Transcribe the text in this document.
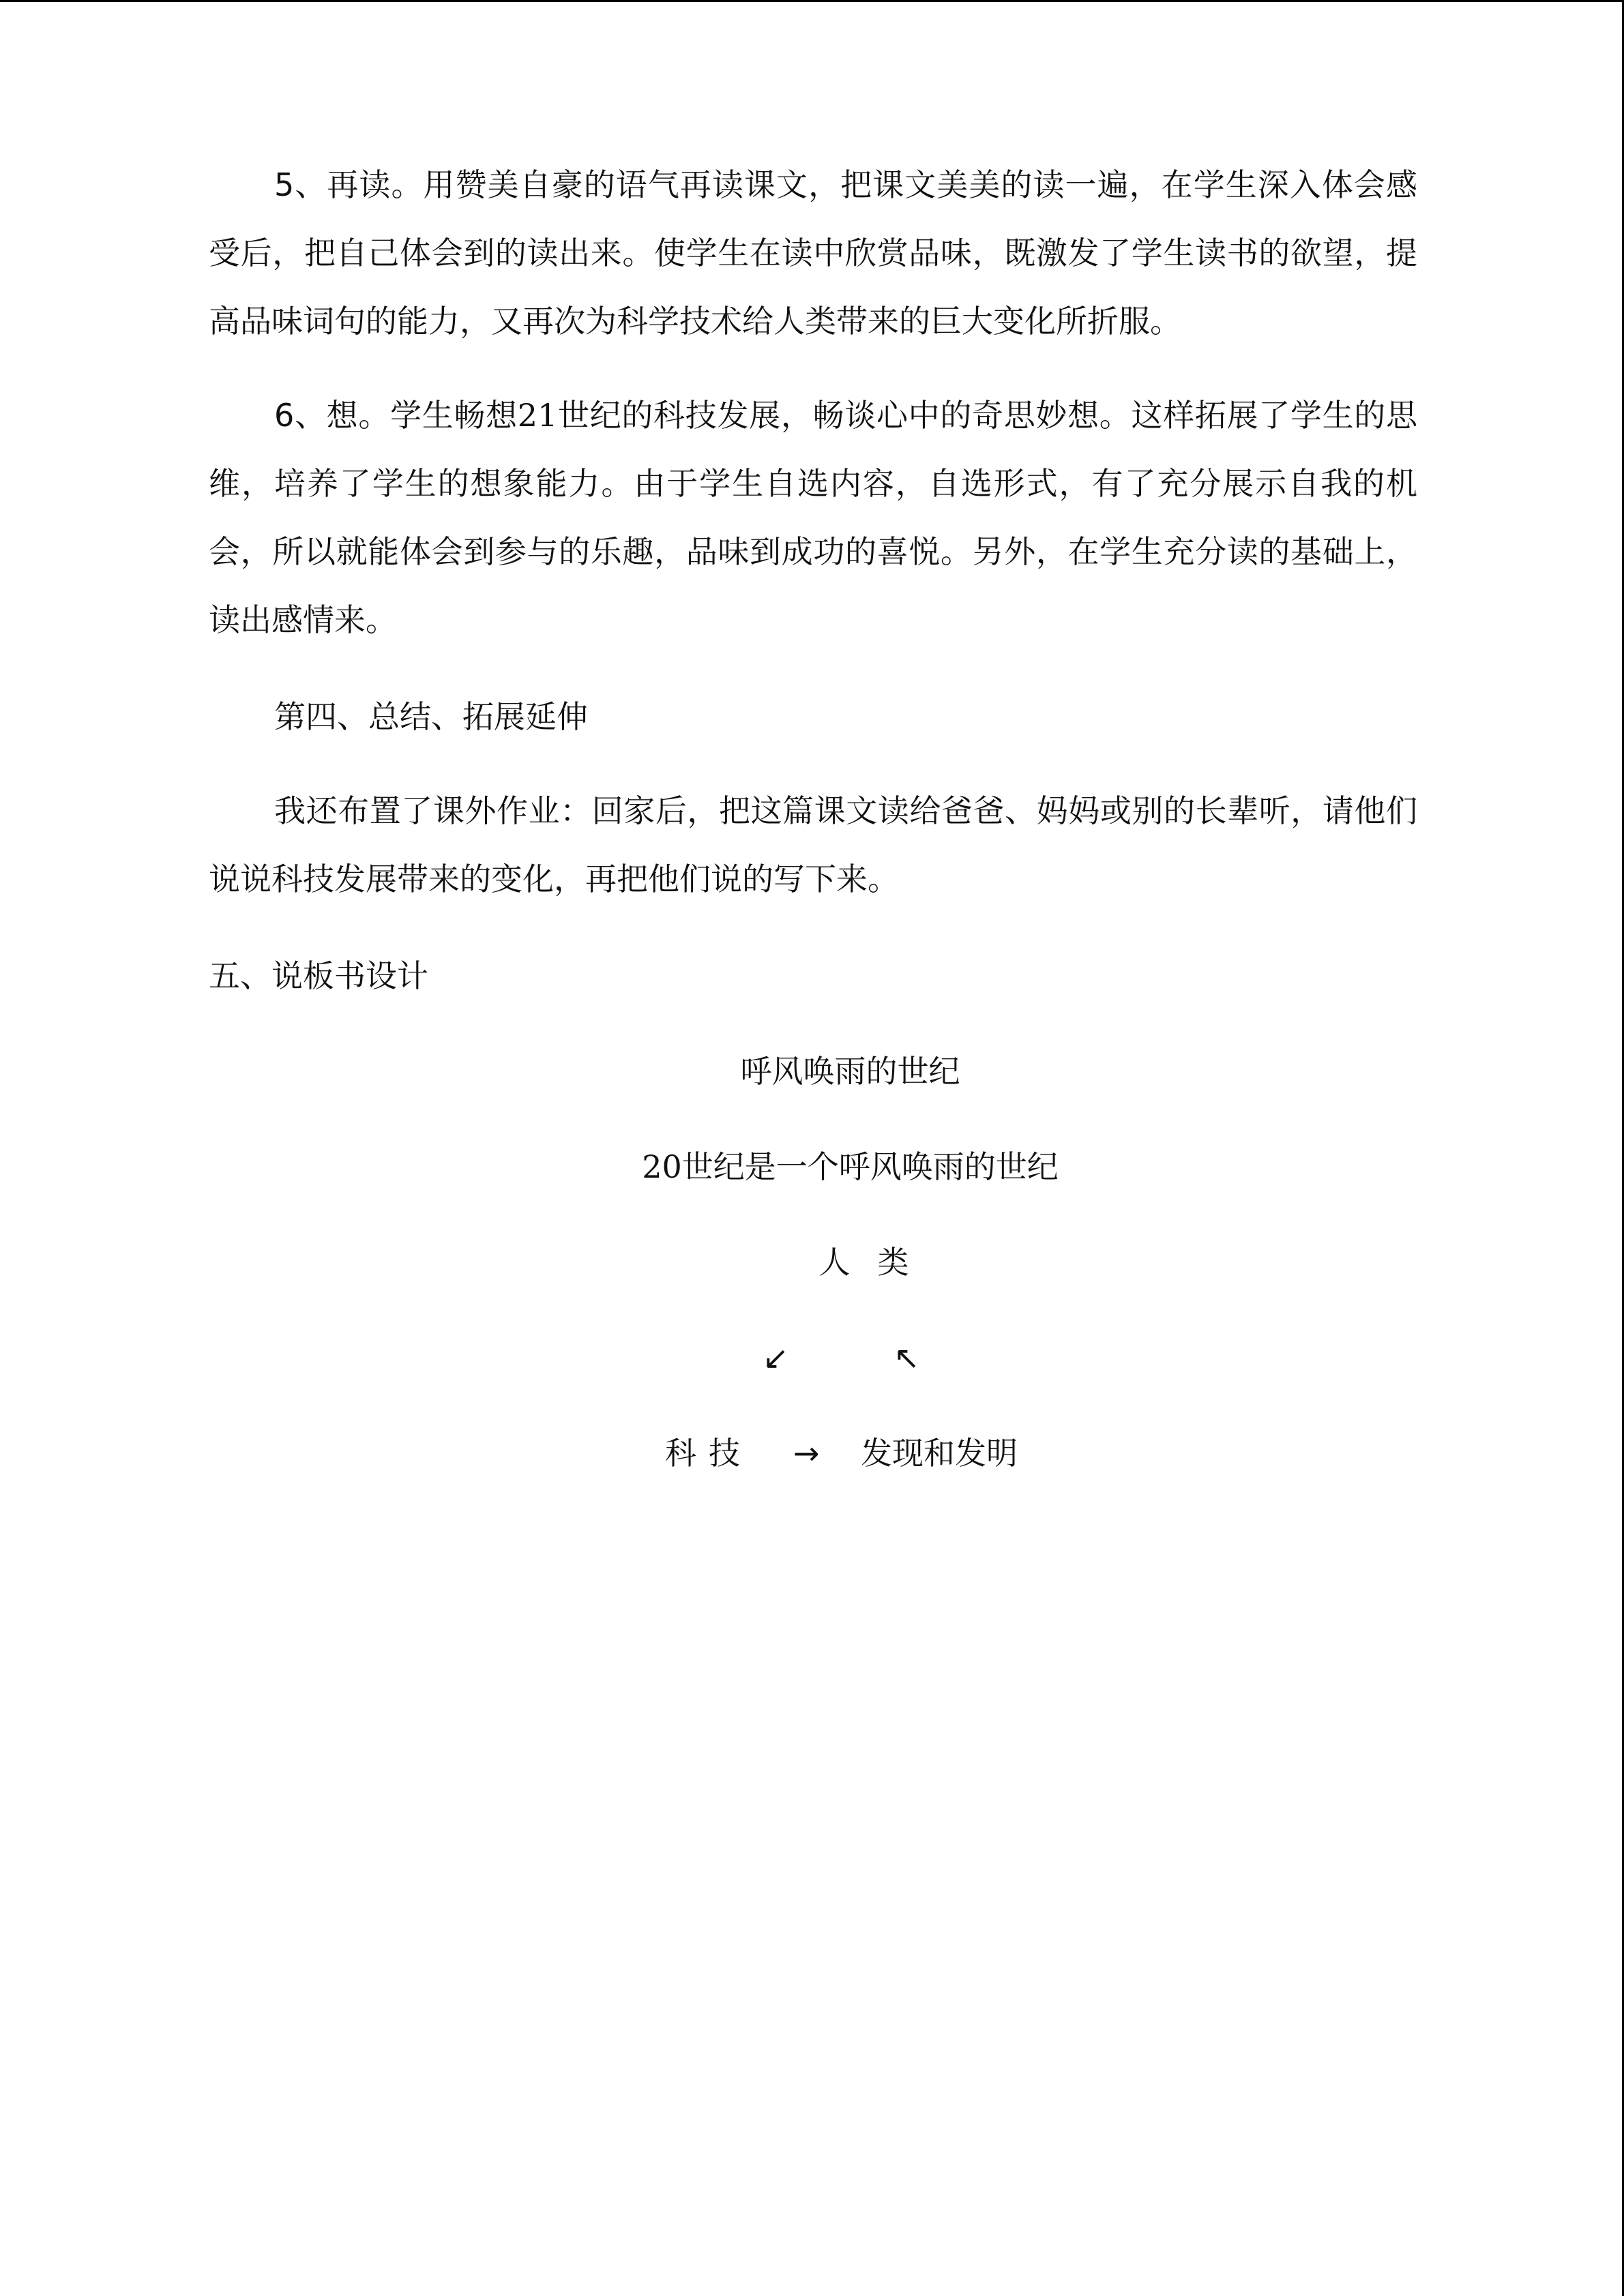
5、再读。用赞美自豪的语气再读课文，把课文美美的读一遍，在学生深入体会感受后，把自己体会到的读出来。使学生在读中欣赏品味，既激发了学生读书的欲望，提高品味词句的能力，又再次为科学技术给人类带来的巨大变化所折服。

6、想。学生畅想21世纪的科技发展，畅谈心中的奇思妙想。这样拓展了学生的思维，培养了学生的想象能力。由于学生自选内容，自选形式，有了充分展示自我的机会，所以就能体会到参与的乐趣，品味到成功的喜悦。另外，在学生充分读的基础上，读出感情来。

第四、总结、拓展延伸

我还布置了课外作业：回家后，把这篇课文读给爸爸、妈妈或别的长辈听，请他们说说科技发展带来的变化，再把他们说的写下来。

五、说板书设计

呼风唤雨的世纪

20世纪是一个呼风唤雨的世纪

人类

↙	↖
科技 → 发现和发明
